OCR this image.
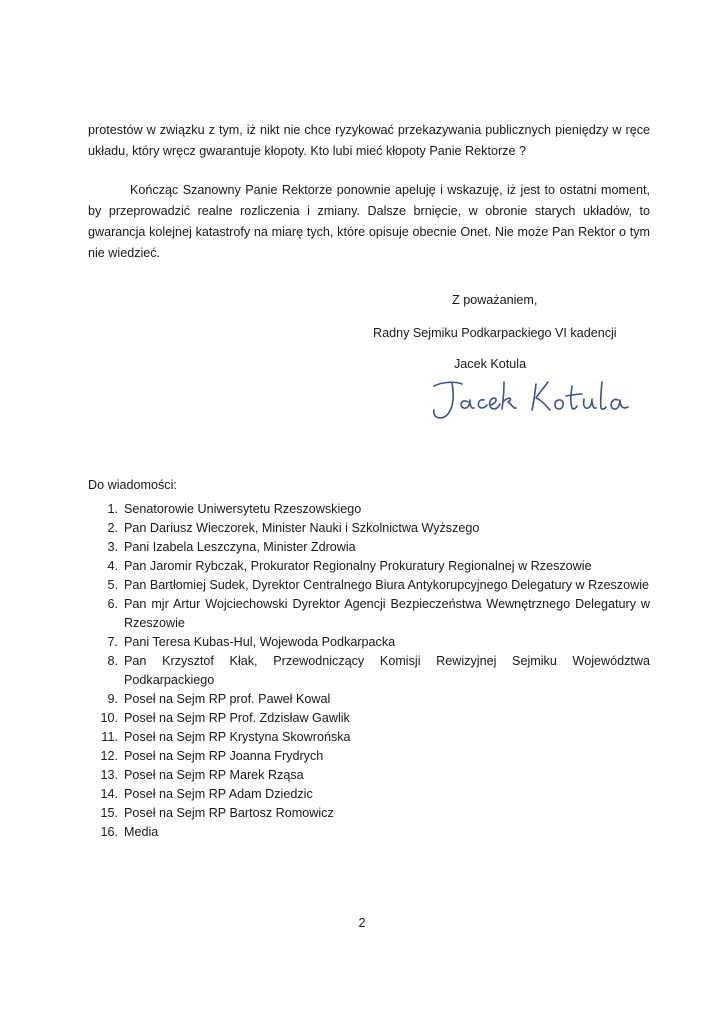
protestów w związku z tym, iż nikt nie chce ryzykować przekazywania publicznych pieniędzy w ręce układu, który wręcz gwarantuje kłopoty. Kto lubi mieć kłopoty Panie Rektorze ?

Kończąc Szanowny Panie Rektorze ponownie apeluję i wskazuję, iż jest to ostatni moment, by przeprowadzić realne rozliczenia i zmiany. Dalsze brnięcie, w obronie starych układów, to gwarancja kolejnej katastrofy na miarę tych, które opisuje obecnie Onet. Nie może Pan Rektor o tym nie wiedzieć.

Z poważaniem,

Radny Sejmiku Podkarpackiego VI kadencji

Jacek Kotula

Do wiadomości:

1. Senatorowie Uniwersytetu Rzeszowskiego
2. Pan Dariusz Wieczorek, Minister Nauki i Szkolnictwa Wyższego
3. Pani Izabela Leszczyna, Minister Zdrowia
4. Pan Jaromir Rybczak, Prokurator Regionalny Prokuratury Regionalnej w Rzeszowie
5. Pan Bartłomiej Sudek, Dyrektor Centralnego Biura Antykorupcyjnego Delegatury w Rzeszowie
6. Pan mjr Artur Wojciechowski Dyrektor Agencji Bezpieczeństwa Wewnętrznego Delegatury w Rzeszowie
7. Pani Teresa Kubas-Hul, Wojewoda Podkarpacka
8. Pan Krzysztof Kłak, Przewodniczący Komisji Rewizyjnej Sejmiku Województwa Podkarpackiego
9. Poseł na Sejm RP prof. Paweł Kowal
10. Poseł na Sejm RP Prof. Zdzisław Gawlik
11. Poseł na Sejm RP Krystyna Skowrońska
12. Poseł na Sejm RP Joanna Frydrych
13. Poseł na Sejm RP Marek Rząsa
14. Poseł na Sejm RP Adam Dziedzic
15. Poseł na Sejm RP Bartosz Romowicz
16. Media

2
